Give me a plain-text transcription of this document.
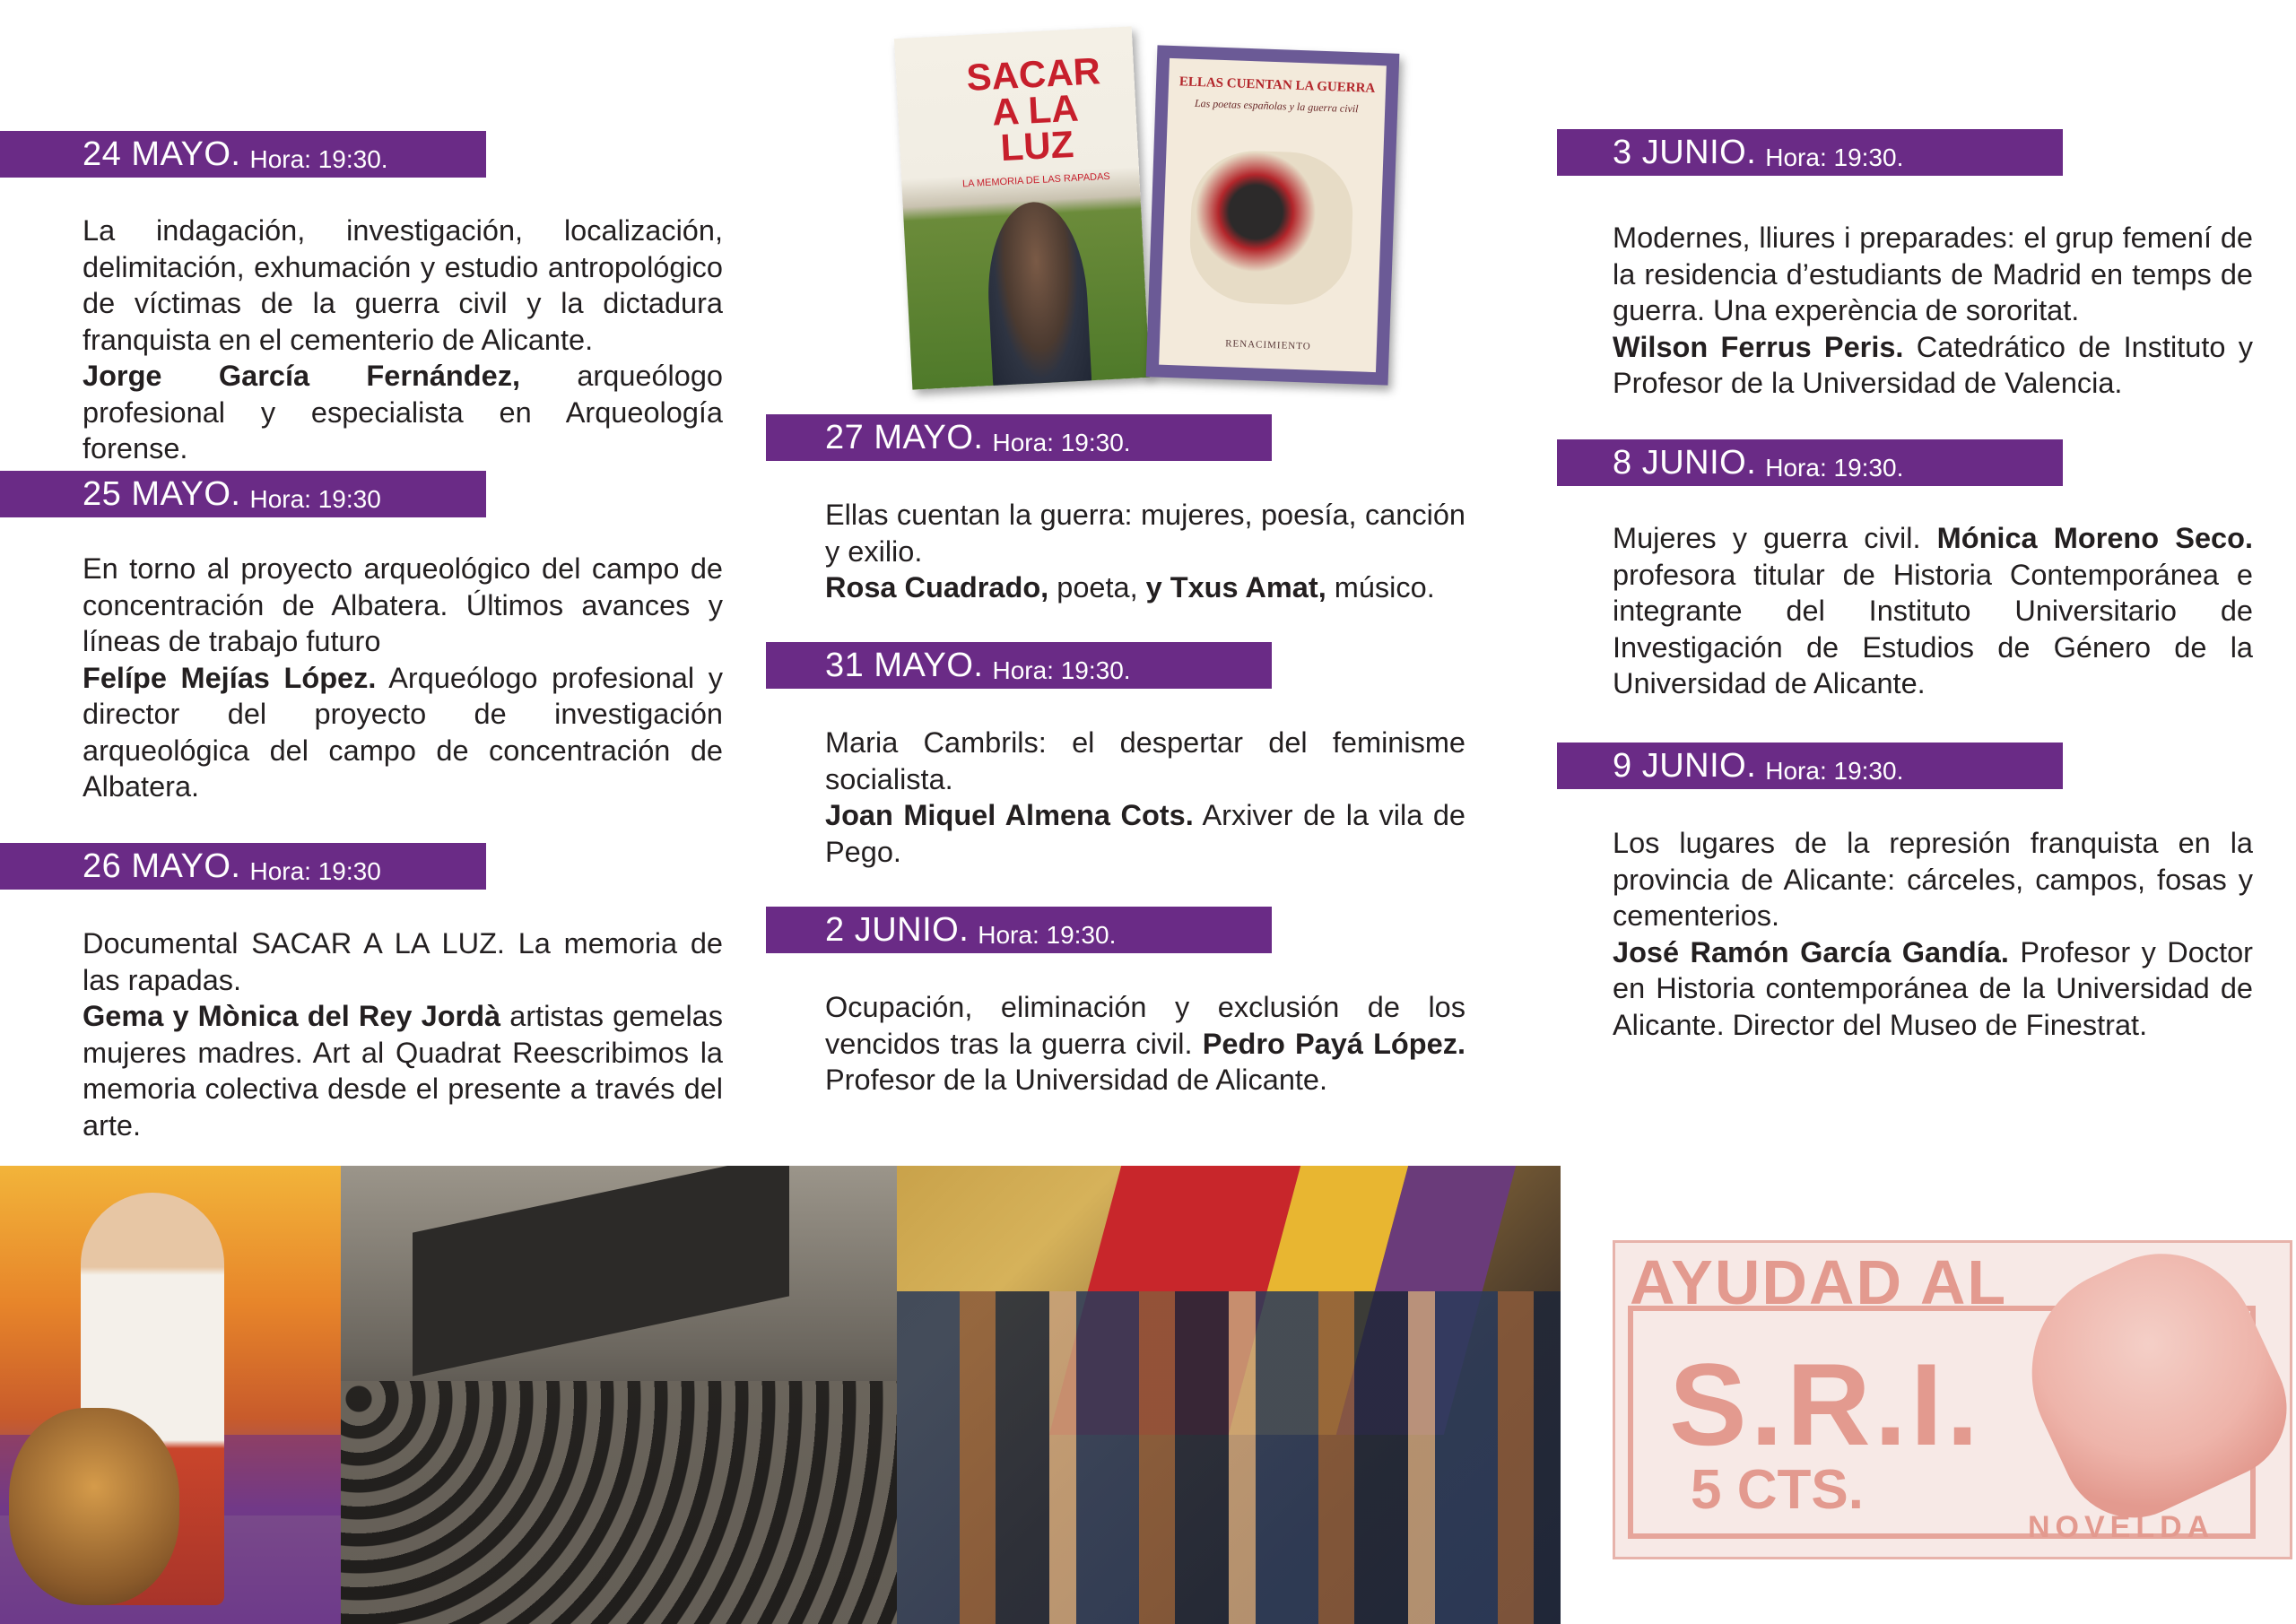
24 MAYO. Hora: 19:30.

La indagación, investigación, localización, delimitación, exhumación y estudio antropológico de víctimas de la guerra civil y la dictadura franquista en el cementerio de Alicante.
Jorge García Fernández, arqueólogo profesional y especialista en Arqueología forense.

25 MAYO. Hora: 19:30

En torno al proyecto arqueológico del campo de concentración de Albatera. Últimos avances y líneas de trabajo futuro
Felípe Mejías López. Arqueólogo profesional y director del proyecto de investigación arqueológica del campo de concentración de Albatera.

26 MAYO. Hora: 19:30

Documental SACAR A LA LUZ. La memoria de las rapadas.
Gema y Mònica del Rey Jordà artistas gemelas mujeres madres. Art al Quadrat Reescribimos la memoria colectiva desde el presente a través del arte.

SACAR A LA LUZ
LA MEMORIA DE LAS RAPADAS
ELLAS CUENTAN LA GUERRA
Las poetas españolas y la guerra civil
RENACIMIENTO
27 MAYO. Hora: 19:30.

Ellas cuentan la guerra: mujeres, poesía, canción y exilio.
Rosa Cuadrado, poeta, y Txus Amat, músico.

31 MAYO. Hora: 19:30.

Maria Cambrils: el despertar del feminisme socialista.
Joan Miquel Almena Cots. Arxiver de la vila de Pego.

2 JUNIO. Hora: 19:30.

Ocupación, eliminación y exclusión de los vencidos tras la guerra civil. Pedro Payá López. Profesor de la Universidad de Alicante.

3 JUNIO. Hora: 19:30.

Modernes, lliures i preparades: el grup femení de la residencia d’estudiants de Madrid en temps de guerra. Una experència de sororitat.
Wilson Ferrus Peris. Catedrático de Instituto y Profesor de la Universidad de Valencia.

8 JUNIO. Hora: 19:30.

Mujeres y guerra civil. Mónica Moreno Seco. profesora titular de Historia Contemporánea e integrante del Instituto Universitario de Investigación de Estudios de Género de la Universidad de Alicante.

9 JUNIO. Hora: 19:30.

Los lugares de la represión franquista en la provincia de Alicante: cárceles, campos, fosas y cementerios.
José Ramón García Gandía. Profesor y Doctor en Historia contemporánea de la Universidad de Alicante. Director del Museo de Finestrat.

AYUDAD AL
S.R.I.
5 CTS.
NOVELDA
